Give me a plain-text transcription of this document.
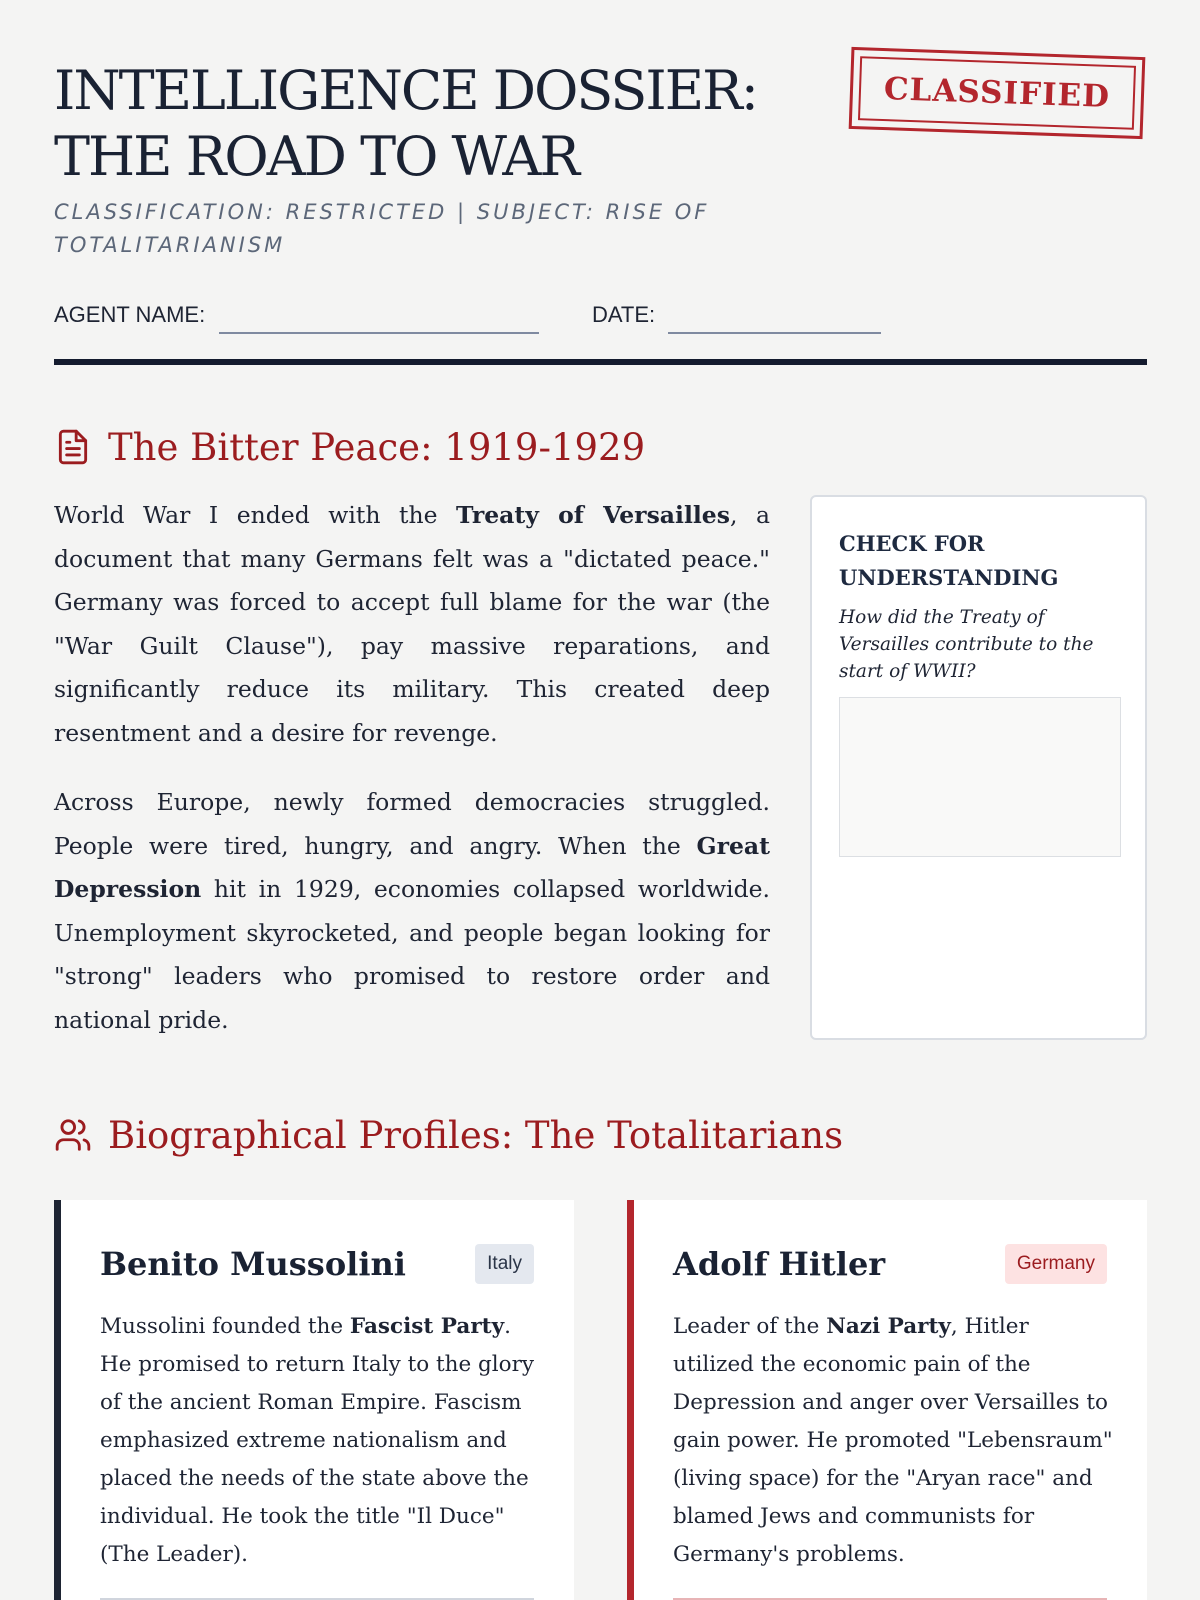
INTELLIGENCE DOSSIER: THE ROAD TO WAR
CLASSIFIED
CLASSIFICATION: RESTRICTED | SUBJECT: RISE OF TOTALITARIANISM
AGENT NAME:	DATE:
The Bitter Peace: 1919-1929

World War I ended with the Treaty of Versailles, a document that many Germans felt was a "dictated peace." Germany was forced to accept full blame for the war (the "War Guilt Clause"), pay massive reparations, and significantly reduce its military. This created deep resentment and a desire for revenge.

Across Europe, newly formed democracies struggled. People were tired, hungry, and angry. When the Great Depression hit in 1929, economies collapsed worldwide. Unemployment skyrocketed, and people began looking for "strong" leaders who promised to restore order and national pride.

CHECK FOR UNDERSTANDING
How did the Treaty of Versailles contribute to the start of WWII?
Biographical Profiles: The Totalitarians
Benito Mussolini	Italy

Mussolini founded the Fascist Party. He promised to return Italy to the glory of the ancient Roman Empire. Fascism emphasized extreme nationalism and placed the needs of the state above the individual. He took the title "Il Duce" (The Leader).

Adolf Hitler	Germany

Leader of the Nazi Party, Hitler utilized the economic pain of the Depression and anger over Versailles to gain power. He promoted "Lebensraum" (living space) for the "Aryan race" and blamed Jews and communists for Germany's problems.
